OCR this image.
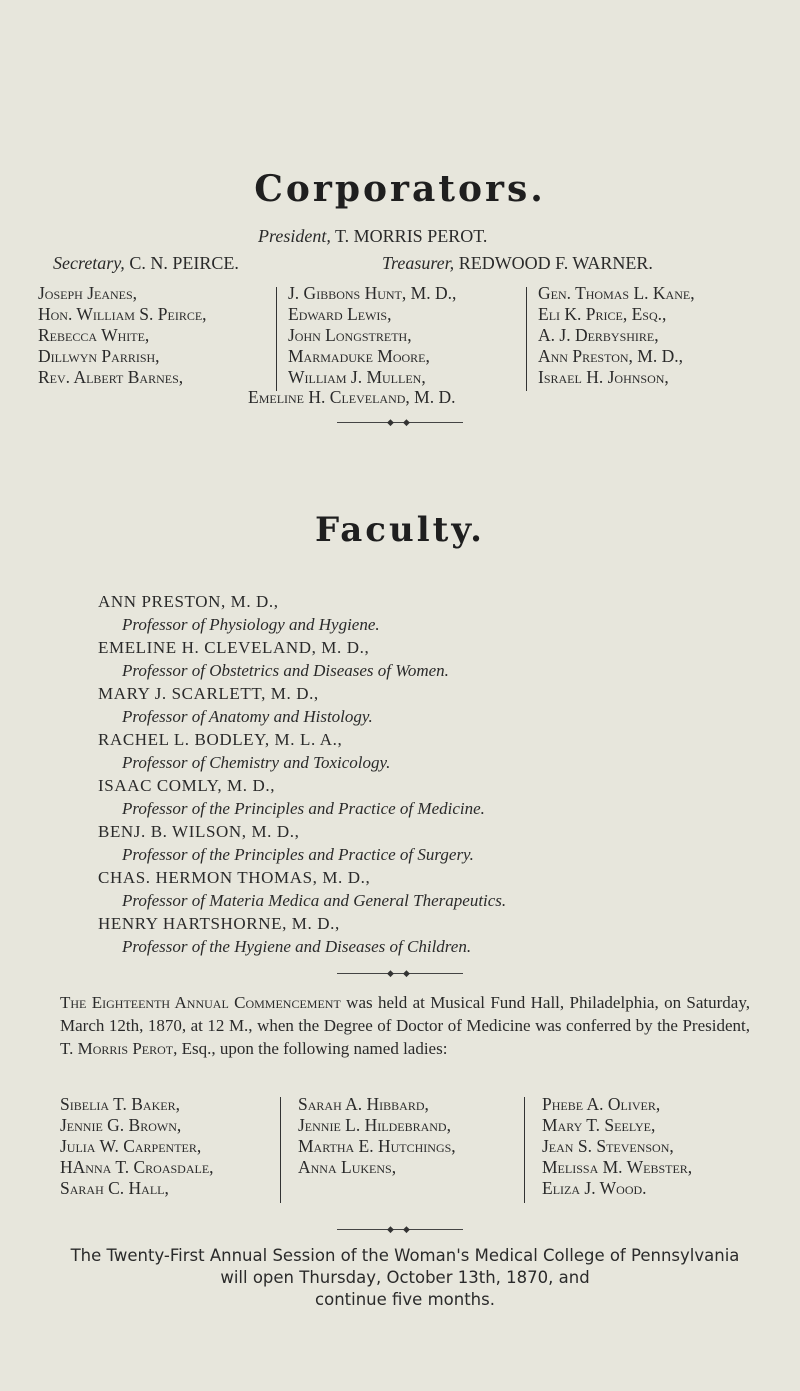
Corporators.
President, T. MORRIS PEROT.
Secretary, C. N. PEIRCE.	Treasurer, REDWOOD F. WARNER.
Joseph Jeanes,
Hon. William S. Peirce,
Rebecca White,
Dillwyn Parrish,
Rev. Albert Barnes,
J. Gibbons Hunt, M. D.,
Edward Lewis,
John Longstreth,
Marmaduke Moore,
William J. Mullen,
Gen. Thomas L. Kane,
Eli K. Price, Esq.,
A. J. Derbyshire,
Ann Preston, M. D.,
Israel H. Johnson,
Emeline H. Cleveland, M. D.
◆ ◆
Faculty.
ANN PRESTON, M. D.,
Professor of Physiology and Hygiene.
EMELINE H. CLEVELAND, M. D.,
Professor of Obstetrics and Diseases of Women.
MARY J. SCARLETT, M. D.,
Professor of Anatomy and Histology.
RACHEL L. BODLEY, M. L. A.,
Professor of Chemistry and Toxicology.
ISAAC COMLY, M. D.,
Professor of the Principles and Practice of Medicine.
BENJ. B. WILSON, M. D.,
Professor of the Principles and Practice of Surgery.
CHAS. HERMON THOMAS, M. D.,
Professor of Materia Medica and General Therapeutics.
HENRY HARTSHORNE, M. D.,
Professor of the Hygiene and Diseases of Children.
◆ ◆
The Eighteenth Annual Commencement was held at Musical Fund Hall, Philadelphia, on Saturday, March 12th, 1870, at 12 M., when the Degree of Doctor of Medicine was conferred by the President, T. Morris Perot, Esq., upon the following named ladies:
Sibelia T. Baker,
Jennie G. Brown,
Julia W. Carpenter,
HAnna T. Croasdale,
Sarah C. Hall,
Sarah A. Hibbard,
Jennie L. Hildebrand,
Martha E. Hutchings,
Anna Lukens,
Phebe A. Oliver,
Mary T. Seelye,
Jean S. Stevenson,
Melissa M. Webster,
Eliza J. Wood.
◆ ◆
The Twenty-First Annual Session of the Woman's Medical College of Pennsylvania
will open Thursday, October 13th, 1870, and
continue five months.
